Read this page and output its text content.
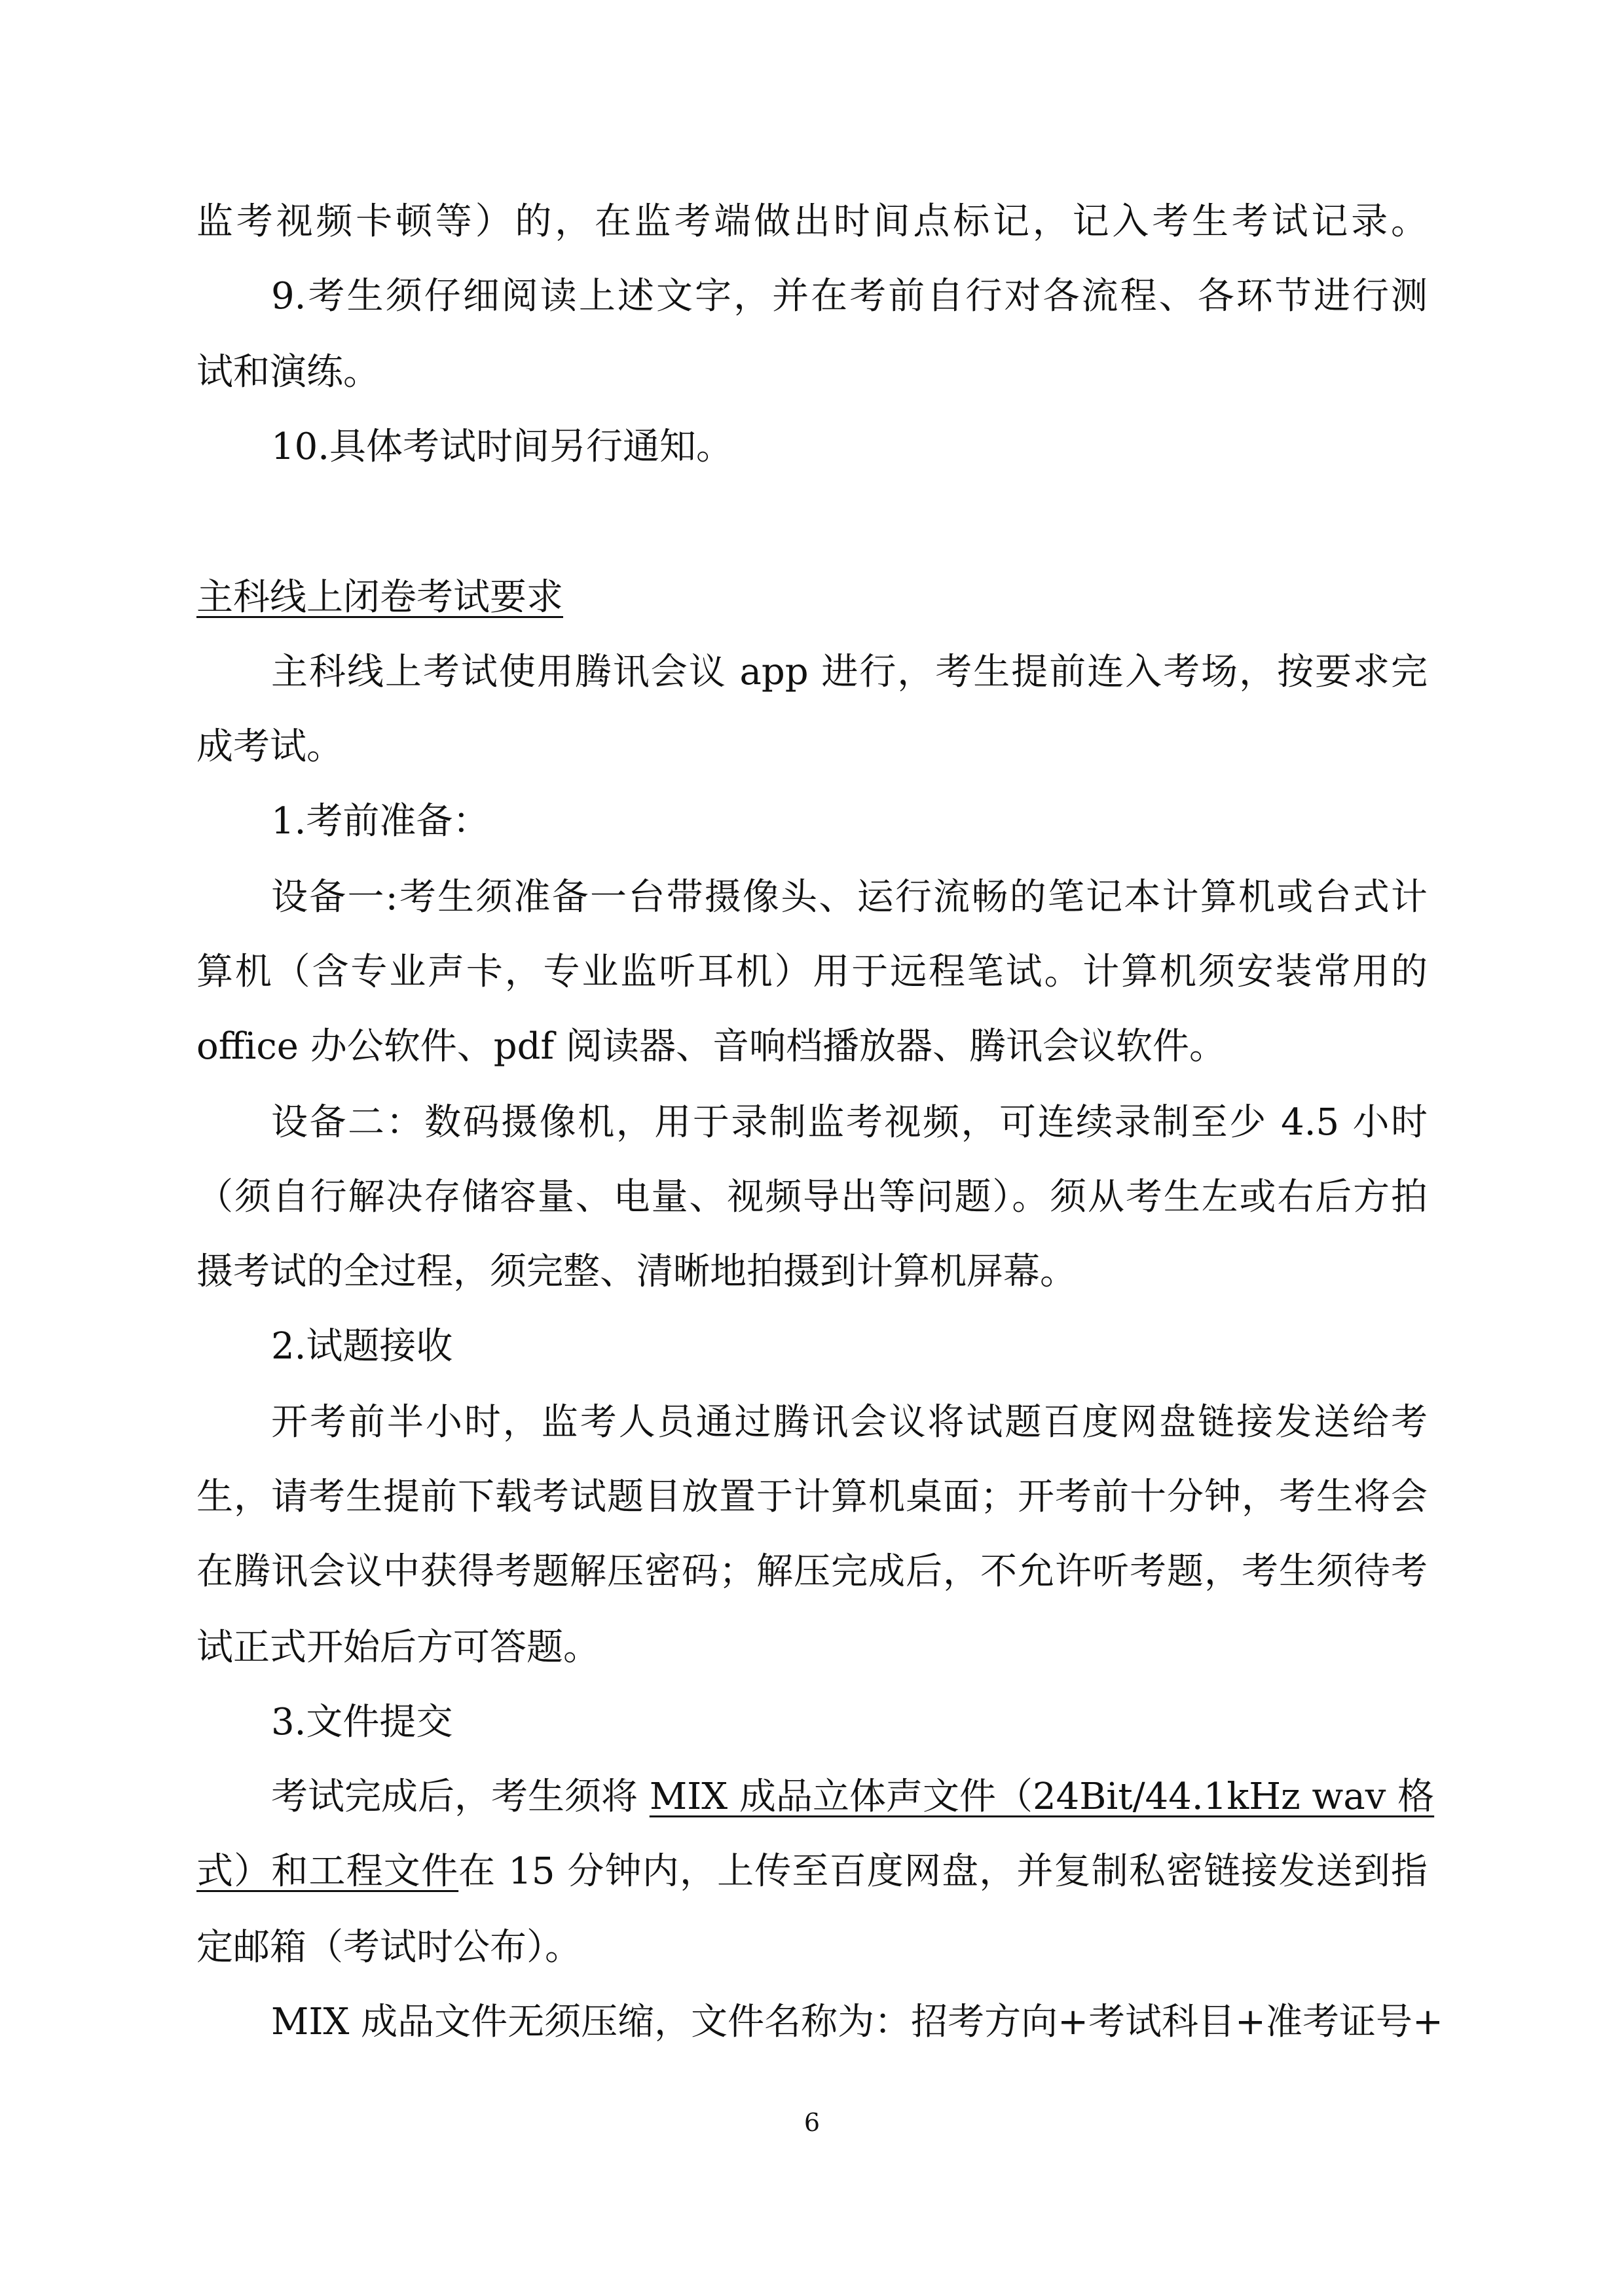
监考视频卡顿等）的，在监考端做出时间点标记，记入考生考试记录。
9.考生须仔细阅读上述文字，并在考前自行对各流程、各环节进行测
试和演练。
10.具体考试时间另行通知。
主科线上闭卷考试要求
主科线上考试使用腾讯会议 app 进行，考生提前连入考场，按要求完
成考试。
1.考前准备：
设备一:考生须准备一台带摄像头、运行流畅的笔记本计算机或台式计
算机（含专业声卡，专业监听耳机）用于远程笔试。计算机须安装常用的
office 办公软件、pdf 阅读器、音响档播放器、腾讯会议软件。
设备二：数码摄像机，用于录制监考视频，可连续录制至少 4.5 小时
（须自行解决存储容量、电量、视频导出等问题）。须从考生左或右后方拍
摄考试的全过程，须完整、清晰地拍摄到计算机屏幕。
2.试题接收
开考前半小时，监考人员通过腾讯会议将试题百度网盘链接发送给考
生，请考生提前下载考试题目放置于计算机桌面；开考前十分钟，考生将会
在腾讯会议中获得考题解压密码；解压完成后，不允许听考题，考生须待考
试正式开始后方可答题。
3.文件提交
考试完成后，考生须将 MIX 成品立体声文件（24Bit/44.1kHz wav 格
式）和工程文件在 15 分钟内，上传至百度网盘，并复制私密链接发送到指
定邮箱（考试时公布）。
MIX 成品文件无须压缩，文件名称为：招考方向+考试科目+准考证号+
6
